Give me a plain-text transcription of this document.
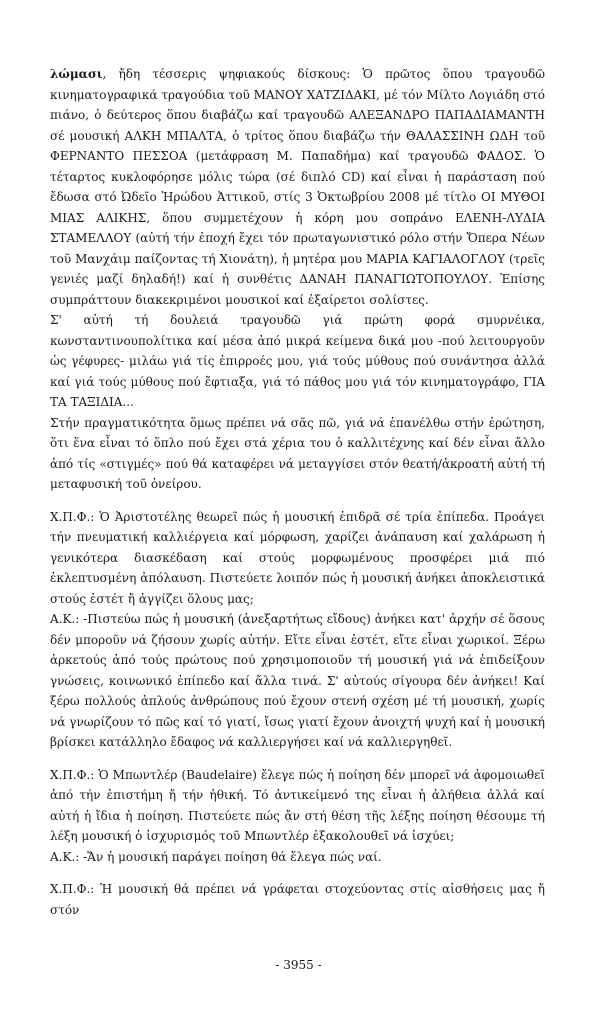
λώμασι, ἤδη τέσσερις ψηφιακούς δίσκους: Ὁ πρῶτος ὅπου τραγουδῶ κινηματογραφικά τραγούδια τοῦ ΜΑΝΟΥ ΧΑΤΖΙΔΑΚΙ, μέ τόν Μίλτο Λογιάδη στό πιάνο, ὁ δεύτερος ὅπου διαβάζω καί τραγουδῶ ΑΛΕΞΑΝΔΡΟ ΠΑΠΑΔΙΑΜΑΝΤΗ σέ μουσική ΑΛΚΗ ΜΠΑΛΤΑ, ὁ τρίτος ὅπου διαβάζω τήν ΘΑΛΑΣΣΙΝΗ ΩΔΗ τοῦ ΦΕΡΝΑΝΤΟ ΠΕΣΣΟΑ (μετάφραση Μ. Παπαδήμα) καί τραγουδῶ ΦΑΔΟΣ. Ὁ τέταρτος κυκλοφόρησε μόλις τώρα (σέ διπλό CD) καί εἶναι ἡ παράσταση πού ἔδωσα στό Ὠδεῖο Ἡρώδου Ἀττικοῦ, στίς 3 Ὀκτωβρίου 2008 μέ τίτλο ΟΙ ΜΥΘΟΙ ΜΙΑΣ ΑΛΙΚΗΣ, ὅπου συμμετέχουν ἡ κόρη μου σοπράνο ΕΛΕΝΗ-ΛΥΔΙΑ ΣΤΑΜΕΛΛΟΥ (αὐτή τήν ἐποχή ἔχει τόν πρωταγωνιστικό ρόλο στήν Ὄπερα Νέων τοῦ Μανχάιμ παίζοντας τή Χιονάτη), ἡ μητέρα μου ΜΑΡΙΑ ΚΑΓΙΑΛΟΓΛΟΥ (τρεῖς γενιές μαζί δηλαδή!) καί ἡ συνθέτις ΔΑΝΑΗ ΠΑΝΑΓΙΩΤΟΠΟΥΛΟΥ. Ἐπίσης συμπράττουν διακεκριμένοι μουσικοί καί ἐξαίρετοι σολίστες.

Σ' αὐτή τή δουλειά τραγουδῶ γιά πρώτη φορά σμυρνέικα, κωνσταντινουπολίτικα καί μέσα ἀπό μικρά κείμενα δικά μου -πού λειτουργοῦν ὡς γέφυρες- μιλάω γιά τίς ἐπιρροές μου, γιά τούς μύθους πού συνάντησα ἀλλά καί γιά τούς μύθους πού ἔφτιαξα, γιά τό πάθος μου γιά τόν κινηματογράφο, ΓΙΑ ΤΑ ΤΑΞΙΔΙΑ...

Στήν πραγματικότητα ὅμως πρέπει νά σᾶς πῶ, γιά νά ἐπανέλθω στήν ἐρώτηση, ὅτι ἕνα εἶναι τό ὅπλο πού ἔχει στά χέρια του ὁ καλλιτέχνης καί δέν εἶναι ἄλλο ἀπό τίς «στιγμές» πού θά καταφέρει νά μεταγγίσει στόν θεατή/ἀκροατή αὐτή τή μεταφυσική τοῦ ὀνείρου.

Χ.Π.Φ.: Ὁ Ἀριστοτέλης θεωρεῖ πώς ἡ μουσική ἐπιδρᾶ σέ τρία ἐπίπεδα. Προάγει τήν πνευματική καλλιέργεια καί μόρφωση, χαρίζει ἀνάπαυση καί χαλάρωση ἡ γενικότερα διασκέδαση καί στούς μορφωμένους προσφέρει μιά πιό ἐκλεπτυσμένη ἀπόλαυση. Πιστεύετε λοιπόν πώς ἡ μουσική ἀνήκει ἀποκλειστικά στούς ἐστέτ ἤ ἀγγίζει ὅλους μας;

Α.Κ.: -Πιστεύω πώς ἡ μουσική (ἀνεξαρτήτως εἴδους) ἀνήκει κατ' ἀρχήν σέ ὅσους δέν μποροῦν νά ζήσουν χωρίς αὐτήν. Εἴτε εἶναι ἐστέτ, εἴτε εἶναι χωρικοί. Ξέρω ἀρκετούς ἀπό τούς πρώτους πού χρησιμοποιοῦν τή μουσική γιά νά ἐπιδείξουν γνώσεις, κοινωνικό ἐπίπεδο καί ἄλλα τινά. Σ' αὐτούς σίγουρα δέν ἀνήκει! Καί ξέρω πολλούς ἁπλούς ἀνθρώπους πού ἔχουν στενή σχέση μέ τή μουσική, χωρίς νά γνωρίζουν τό πῶς καί τό γιατί, ἴσως γιατί ἔχουν ἀνοιχτή ψυχή καί ἡ μουσική βρίσκει κατάλληλο ἔδαφος νά καλλιεργήσει καί νά καλλιεργηθεῖ.

Χ.Π.Φ.: Ὁ Μπωντλέρ (Baudelaire) ἔλεγε πώς ἡ ποίηση δέν μπορεῖ νά ἀφομοιωθεῖ ἀπό τήν ἐπιστήμη ἤ τήν ἠθική. Τό ἀντικείμενό της εἶναι ἡ ἀλήθεια ἀλλά καί αὐτή ἡ ἴδια ἡ ποίηση. Πιστεύετε πώς ἄν στή θέση τῆς λέξης ποίηση θέσουμε τή λέξη μουσική ὁ ἰσχυρισμός τοῦ Μπωντλέρ ἐξακολουθεῖ νά ἰσχύει;

Α.Κ.: -Ἄν ἡ μουσική παράγει ποίηση θά ἔλεγα πώς ναί.

Χ.Π.Φ.: Ἡ μουσική θά πρέπει νά γράφεται στοχεύοντας στίς αἰσθήσεις μας ἤ στόν

- 3955 -
